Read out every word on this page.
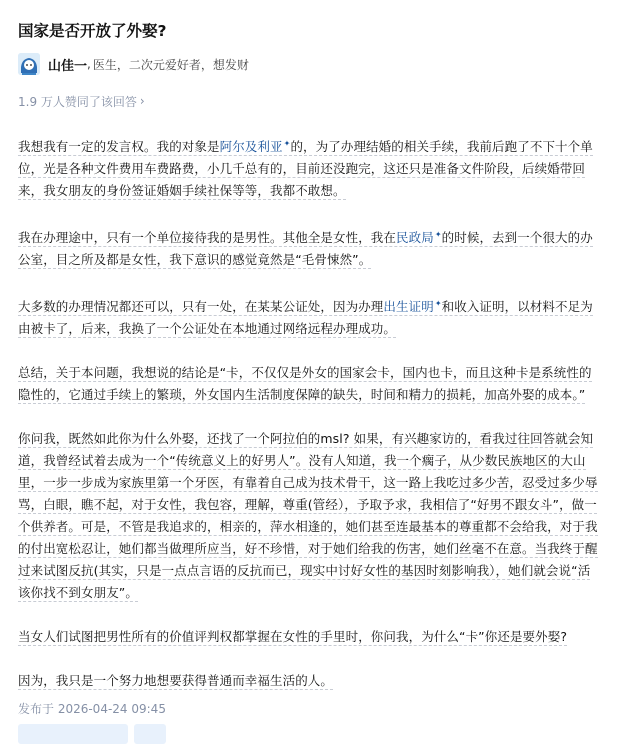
国家是否开放了外娶?
山佳一 , 医生，二次元爱好者，想发财
1.9 万人赞同了该回答 ›

我想我有一定的发言权。我的对象是阿尔及利亚✦的，为了办理结婚的相关手续，我前后跑了不下十个单位，光是各种文件费用车费路费，小几千总有的，目前还没跑完，这还只是准备文件阶段，后续婚带回来，我女朋友的身份签证婚姻手续社保等等，我都不敢想。

我在办理途中，只有一个单位接待我的是男性。其他全是女性，我在民政局✦的时候，去到一个很大的办公室，目之所及都是女性，我下意识的感觉竟然是“毛骨悚然”。

大多数的办理情况都还可以，只有一处，在某某公证处，因为办理出生证明✦和收入证明，以材料不足为由被卡了，后来，我换了一个公证处在本地通过网络远程办理成功。

总结，关于本问题，我想说的结论是“卡，不仅仅是外女的国家会卡，国内也卡，而且这种卡是系统性的隐性的，它通过手续上的繁琐，外女国内生活制度保障的缺失，时间和精力的损耗，加高外娶的成本。”

你问我，既然如此你为什么外娶，还找了一个阿拉伯的msl? 如果，有兴趣家访的，看我过往回答就会知道，我曾经试着去成为一个“传统意义上的好男人”。没有人知道，我一个瘸子，从少数民族地区的大山里，一步一步成为家族里第一个牙医，有靠着自己成为技术骨干，这一路上我吃过多少苦，忍受过多少辱骂，白眼，瞧不起，对于女性，我包容，理解，尊重(管经），予取予求，我相信了“好男不跟女斗”，做一个供养者。可是，不管是我追求的，相亲的，萍水相逢的，她们甚至连最基本的尊重都不会给我，对于我的付出宽松忍让，她们都当做理所应当，好不珍惜，对于她们给我的伤害，她们丝毫不在意。当我终于醒过来试图反抗(其实，只是一点点言语的反抗而已，现实中讨好女性的基因时刻影响我），她们就会说“活该你找不到女朋友”。

当女人们试图把男性所有的价值评判权都掌握在女性的手里时，你问我，为什么“卡”你还是要外娶?

因为，我只是一个努力地想要获得普通而幸福生活的人。

发布于 2026-04-24 09:45
